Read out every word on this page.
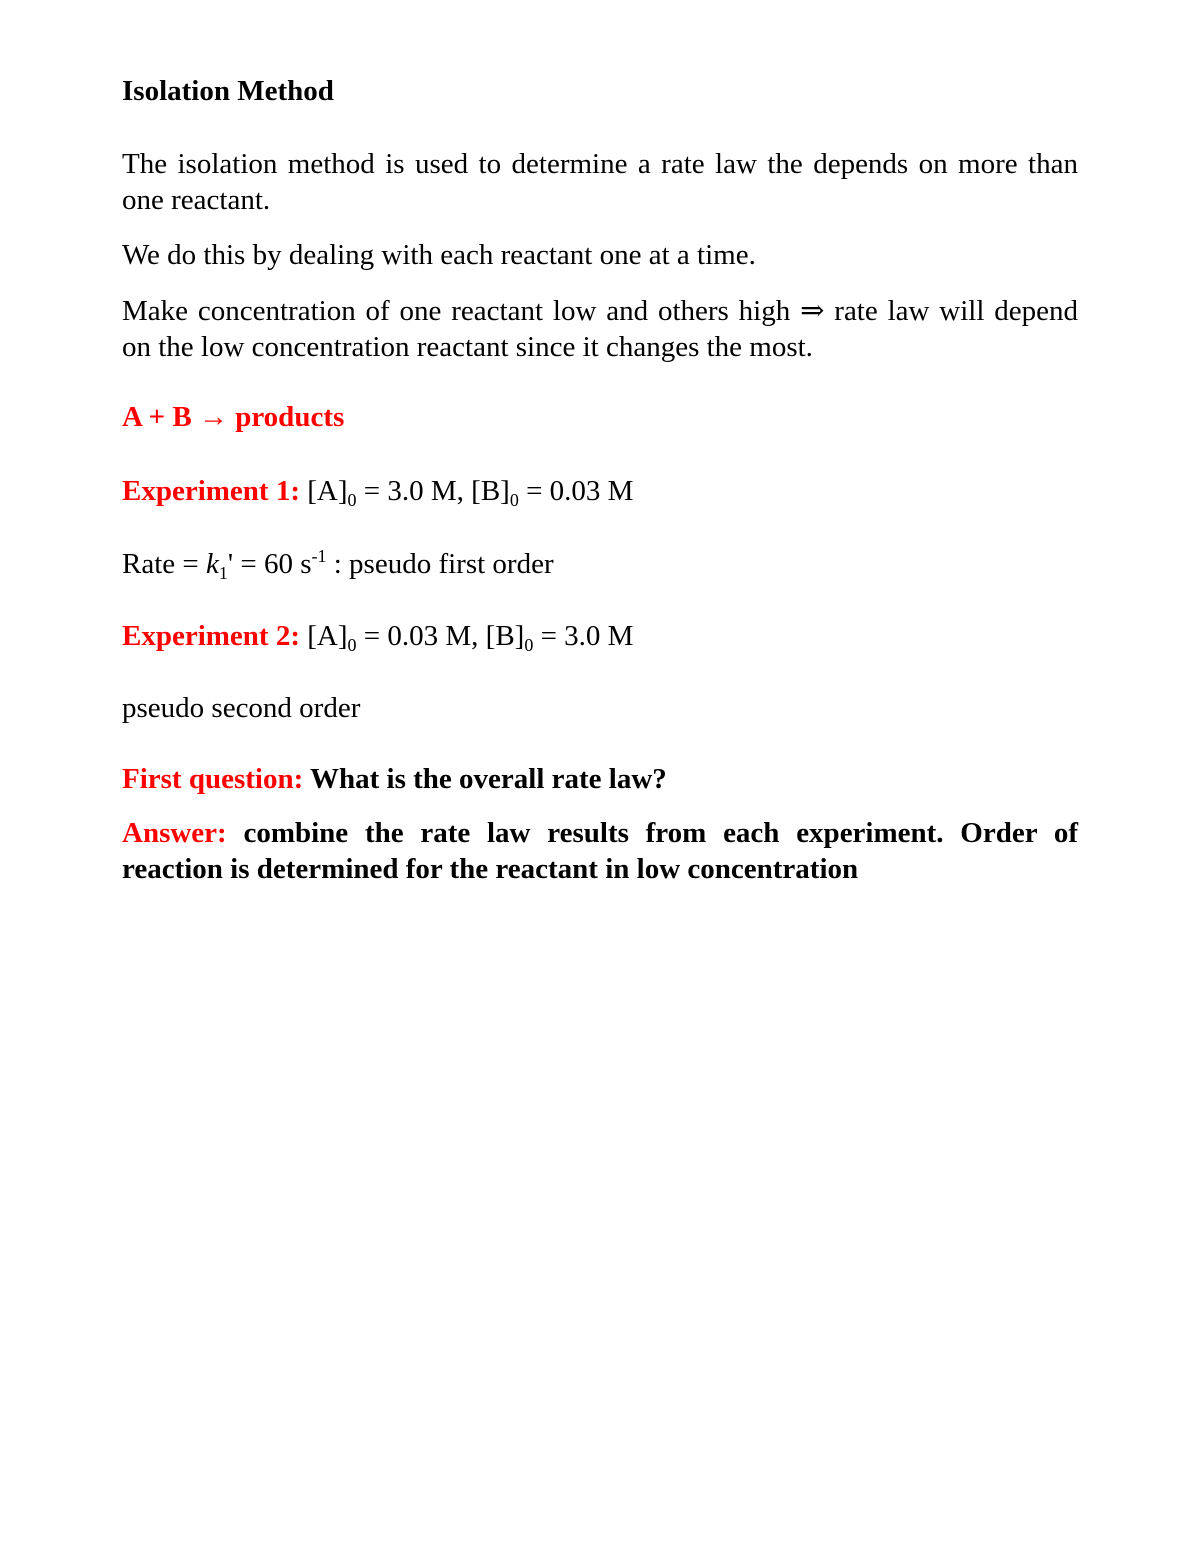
Isolation Method
The isolation method is used to determine a rate law the depends on more than one reactant.
We do this by dealing with each reactant one at a time.
Make concentration of one reactant low and others high ⇒ rate law will depend on the low concentration reactant since it changes the most.
A + B → products
Experiment 1: $[A]_0 = 3.0$ M, $[B]_0 = 0.03$ M
Rate = $k_1' = 60$ $s^{-1}$ : pseudo first order
Experiment 2: $[A]_0 = 0.03$ M, $[B]_0 = 3.0$ M
pseudo second order
First question: What is the overall rate law?
Answer: combine the rate law results from each experiment. Order of reaction is determined for the reactant in low concentration
